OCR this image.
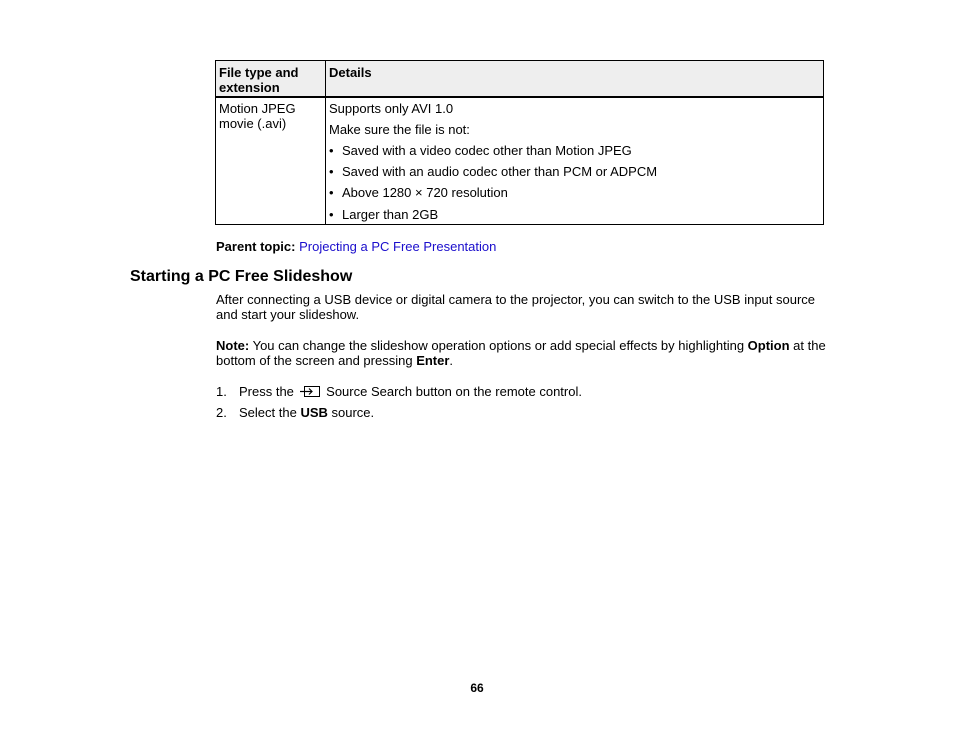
File type and extension
Details
Motion JPEG movie (.avi)
Supports only AVI 1.0
Make sure the file is not:
• Saved with a video codec other than Motion JPEG
• Saved with an audio codec other than PCM or ADPCM
• Above 1280 × 720 resolution
• Larger than 2GB
Parent topic: Projecting a PC Free Presentation
Starting a PC Free Slideshow
After connecting a USB device or digital camera to the projector, you can switch to the USB input source and start your slideshow.
Note: You can change the slideshow operation options or add special effects by highlighting Option at the bottom of the screen and pressing Enter.
1. Press the  Source Search button on the remote control.
2. Select the USB source.
66
